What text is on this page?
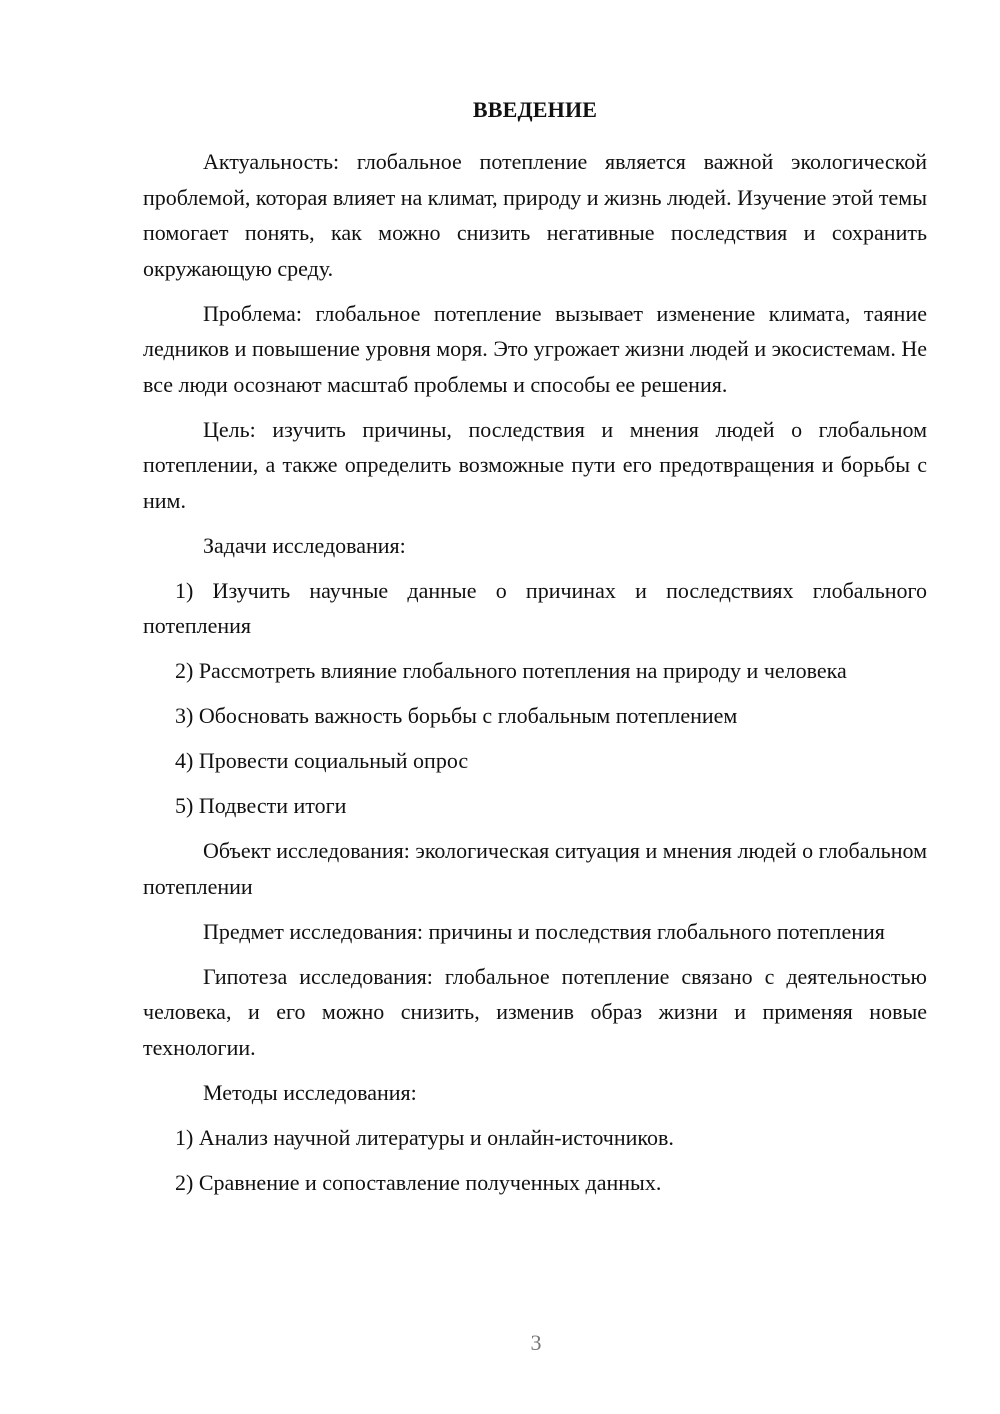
ВВЕДЕНИЕ

Актуальность: глобальное потепление является важной экологической проблемой, которая влияет на климат, природу и жизнь людей. Изучение этой темы помогает понять, как можно снизить негативные последствия и сохранить окружающую среду.

Проблема: глобальное потепление вызывает изменение климата, таяние ледников и повышение уровня моря. Это угрожает жизни людей и экосистемам. Не все люди осознают масштаб проблемы и способы ее решения.

Цель: изучить причины, последствия и мнения людей о глобальном потеплении, а также определить возможные пути его предотвращения и борьбы с ним.

Задачи исследования:

1) Изучить научные данные о причинах и последствиях глобального потепления

2) Рассмотреть влияние глобального потепления на природу и человека

3) Обосновать важность борьбы с глобальным потеплением

4) Провести социальный опрос

5) Подвести итоги

Объект исследования: экологическая ситуация и мнения людей о глобальном потеплении

Предмет исследования: причины и последствия глобального потепления

Гипотеза исследования: глобальное потепление связано с деятельностью человека, и его можно снизить, изменив образ жизни и применяя новые технологии.

Методы исследования:

1) Анализ научной литературы и онлайн-источников.

2) Сравнение и сопоставление полученных данных.

3
